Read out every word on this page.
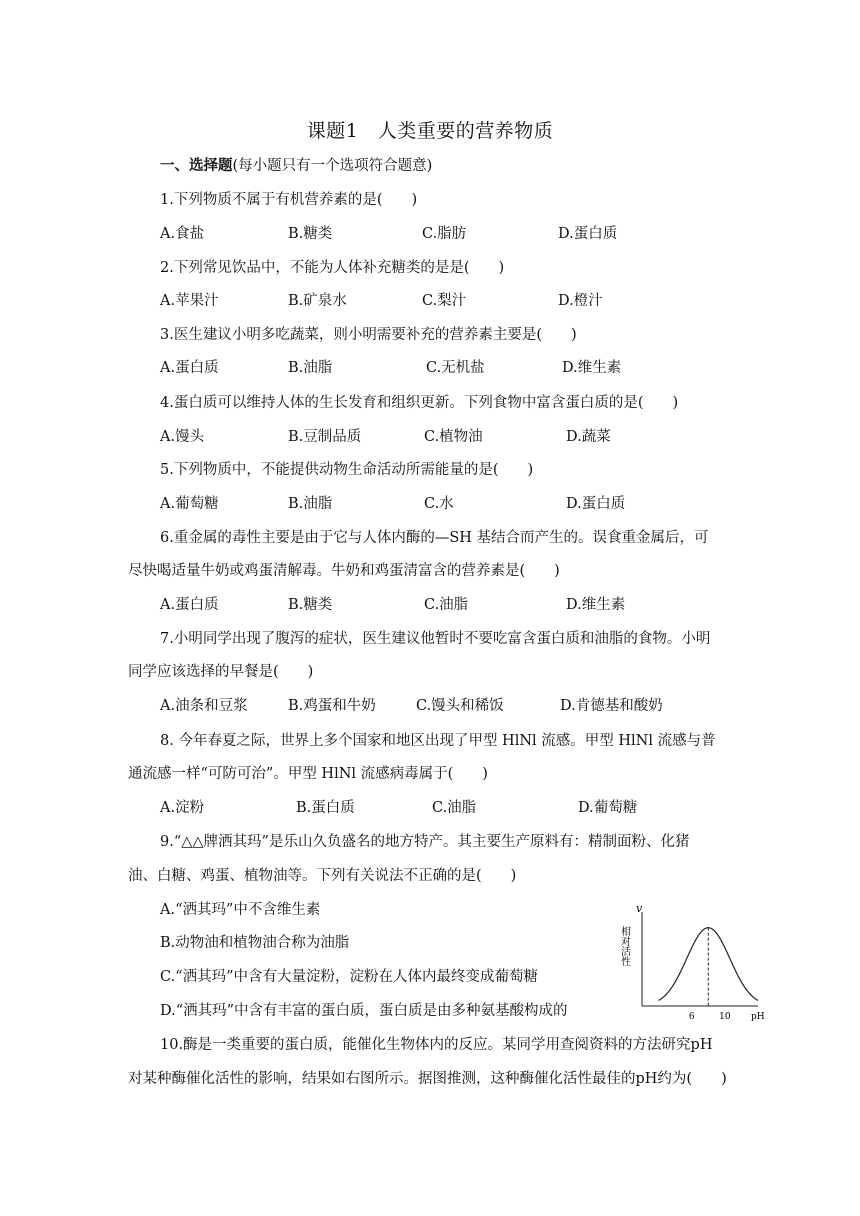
课题1　人类重要的营养物质
一、选择题(每小题只有一个选项符合题意)
1.下列物质不属于有机营养素的是(　　)
A.食盐	B.糖类	C.脂肪	D.蛋白质
2.下列常见饮品中，不能为人体补充糖类的是是(　　)
A.苹果汁	B.矿泉水	C.梨汁	D.橙汁
3.医生建议小明多吃蔬菜，则小明需要补充的营养素主要是(　　)
A.蛋白质	B.油脂	C.无机盐	D.维生素
4.蛋白质可以维持人体的生长发育和组织更新。下列食物中富含蛋白质的是(　　)
A.馒头	B.豆制品质	C.植物油	D.蔬菜
5.下列物质中，不能提供动物生命活动所需能量的是(　　)
A.葡萄糖	B.油脂	C.水	D.蛋白质
6.重金属的毒性主要是由于它与人体内酶的—SH 基结合而产生的。误食重金属后，可
尽快喝适量牛奶或鸡蛋清解毒。牛奶和鸡蛋清富含的营养素是(　　)
A.蛋白质	B.糖类	C.油脂	D.维生素
7.小明同学出现了腹泻的症状，医生建议他暂时不要吃富含蛋白质和油脂的食物。小明
同学应该选择的早餐是(　　)
A.油条和豆浆	B.鸡蛋和牛奶	C.馒头和稀饭	D.肯德基和酸奶
8. 今年春夏之际，世界上多个国家和地区出现了甲型 HlNl 流感。甲型 HlNl 流感与普
通流感一样“可防可治”。甲型 HlNl 流感病毒属于(　　)
A.淀粉	B.蛋白质	C.油脂	D.葡萄糖
9.“△△牌洒其玛”是乐山久负盛名的地方特产。其主要生产原料有：精制面粉、化猪
油、白糖、鸡蛋、植物油等。下列有关说法不正确的是(　　)
A.“洒其玛”中不含维生素
B.动物油和植物油合称为油脂
C.“洒其玛”中含有大量淀粉，淀粉在人体内最终变成葡萄糖
D.“洒其玛”中含有丰富的蛋白质，蛋白质是由多种氨基酸构成的
10.酶是一类重要的蛋白质，能催化生物体内的反应。某同学用查阅资料的方法研究pH
对某种酶催化活性的影响，结果如右图所示。据图推测，这种酶催化活性最佳的pH约为(　　)
v
相对活性
6	10 pH
